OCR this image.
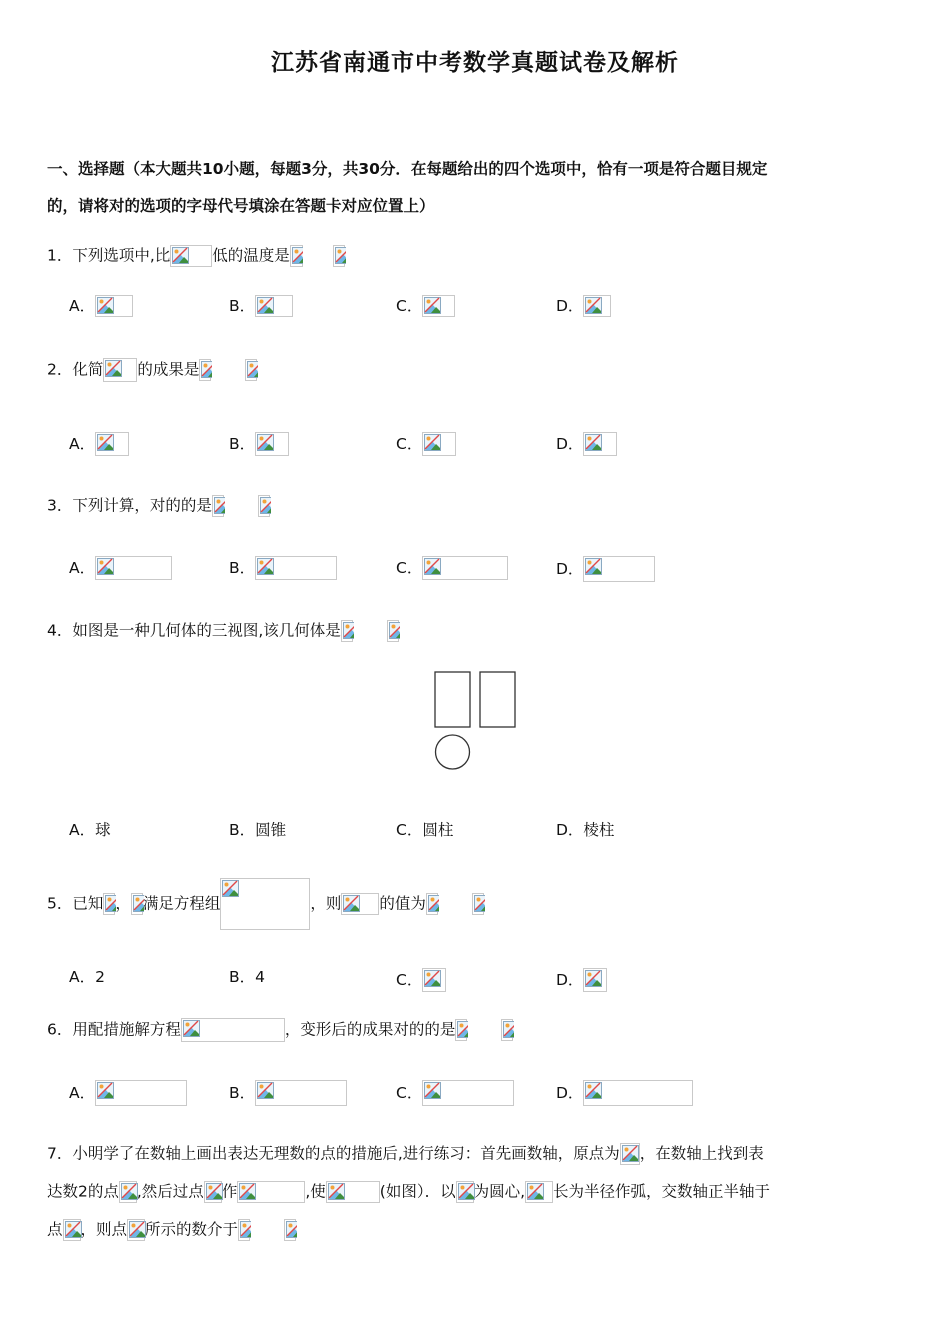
江苏省南通市中考数学真题试卷及解析
一、选择题（本大题共10小题，每题3分，共30分．在每题给出的四个选项中，恰有一项是符合题目规定
的，请将对的选项的字母代号填涂在答题卡对应位置上）
1．下列选项中,比	低的温度是
A．	B．	C．	D．
2．化简 的成果是
A．	B．	C．	D．
3．下列计算，对的的是
A．	B．	C．	D．
4．如图是一种几何体的三视图,该几何体是
A．球	B．圆锥	C．圆柱	D．棱柱
5．已知 ， 满足方程组	，则 的值为
A．2	B．4	C．	D．
6．用配措施解方程	，变形后的成果对的的是
A．	B．	C．	D．
7．小明学了在数轴上画出表达无理数的点的措施后,进行练习：首先画数轴，原点为 ，在数轴上找到表
达数2的点 ,然后过点 作	,使	(如图）．以 为圆心, 长为半径作弧，交数轴正半轴于
点 ，则点 所示的数介于
